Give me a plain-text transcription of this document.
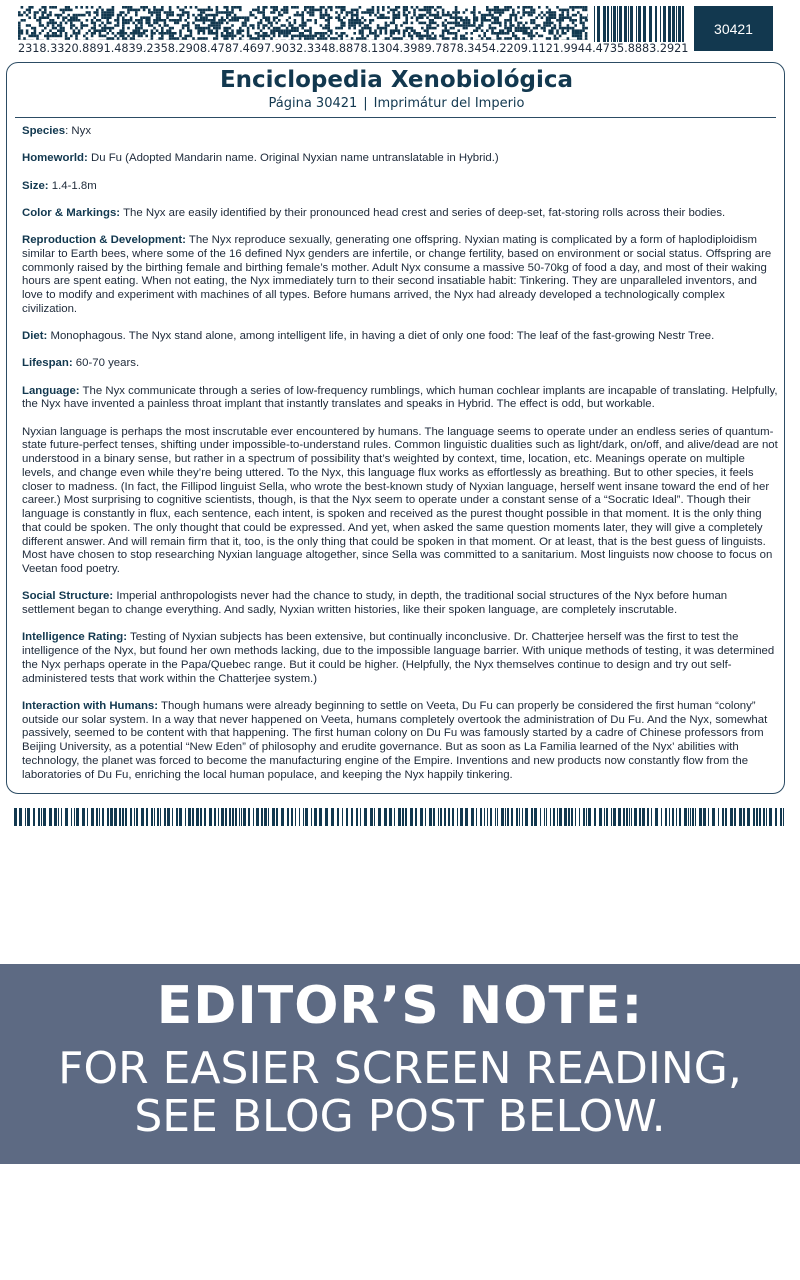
2318.3320.8891.4839.2358.2908.4787.4697.9032.3348.8878.1304.3989.7878.3454.2209.1121.9944.4735.8883.2921
30421
Enciclopedia Xenobiológica
Página 30421 | Imprimátur del Imperio

Species: Nyx

Homeworld: Du Fu (Adopted Mandarin name. Original Nyxian name untranslatable in Hybrid.)

Size: 1.4-1.8m

Color & Markings: The Nyx are easily identified by their pronounced head crest and series of deep-set, fat-storing rolls across their bodies.

Reproduction & Development: The Nyx reproduce sexually, generating one offspring. Nyxian mating is complicated by a form of haplodiploidism similar to Earth bees, where some of the 16 defined Nyx genders are infertile, or change fertility, based on environment or social status. Offspring are commonly raised by the birthing female and birthing female’s mother. Adult Nyx consume a massive 50-70kg of food a day, and most of their waking hours are spent eating. When not eating, the Nyx immediately turn to their second insatiable habit: Tinkering. They are unparalleled inventors, and love to modify and experiment with machines of all types. Before humans arrived, the Nyx had already developed a technologically complex civilization.

Diet: Monophagous. The Nyx stand alone, among intelligent life, in having a diet of only one food: The leaf of the fast-growing Nestr Tree.

Lifespan: 60-70 years.

Language: The Nyx communicate through a series of low-frequency rumblings, which human cochlear implants are incapable of translating. Helpfully, the Nyx have invented a painless throat implant that instantly translates and speaks in Hybrid. The effect is odd, but workable.

Nyxian language is perhaps the most inscrutable ever encountered by humans. The language seems to operate under an endless series of quantum-state future-perfect tenses, shifting under impossible-to-understand rules. Common linguistic dualities such as light/dark, on/off, and alive/dead are not understood in a binary sense, but rather in a spectrum of possibility that’s weighted by context, time, location, etc. Meanings operate on multiple levels, and change even while they’re being uttered. To the Nyx, this language flux works as effortlessly as breathing. But to other species, it feels closer to madness. (In fact, the Fillipod linguist Sella, who wrote the best-known study of Nyxian language, herself went insane toward the end of her career.) Most surprising to cognitive scientists, though, is that the Nyx seem to operate under a constant sense of a “Socratic Ideal”. Though their language is constantly in flux, each sentence, each intent, is spoken and received as the purest thought possible in that moment. It is the only thing that could be spoken. The only thought that could be expressed. And yet, when asked the same question moments later, they will give a completely different answer. And will remain firm that it, too, is the only thing that could be spoken in that moment. Or at least, that is the best guess of linguists. Most have chosen to stop researching Nyxian language altogether, since Sella was committed to a sanitarium. Most linguists now choose to focus on Veetan food poetry.

Social Structure: Imperial anthropologists never had the chance to study, in depth, the traditional social structures of the Nyx before human settlement began to change everything. And sadly, Nyxian written histories, like their spoken language, are completely inscrutable.

Intelligence Rating: Testing of Nyxian subjects has been extensive, but continually inconclusive. Dr. Chatterjee herself was the first to test the intelligence of the Nyx, but found her own methods lacking, due to the impossible language barrier. With unique methods of testing, it was determined the Nyx perhaps operate in the Papa/Quebec range. But it could be higher. (Helpfully, the Nyx themselves continue to design and try out self-administered tests that work within the Chatterjee system.)

Interaction with Humans: Though humans were already beginning to settle on Veeta, Du Fu can properly be considered the first human “colony” outside our solar system. In a way that never happened on Veeta, humans completely overtook the administration of Du Fu. And the Nyx, somewhat passively, seemed to be content with that happening. The first human colony on Du Fu was famously started by a cadre of Chinese professors from Beijing University, as a potential “New Eden” of philosophy and erudite governance. But as soon as La Familia learned of the Nyx’ abilities with technology, the planet was forced to become the manufacturing engine of the Empire. Inventions and new products now constantly flow from the laboratories of Du Fu, enriching the local human populace, and keeping the Nyx happily tinkering.

EDITOR’S NOTE:
FOR EASIER SCREEN READING,
SEE BLOG POST BELOW.
